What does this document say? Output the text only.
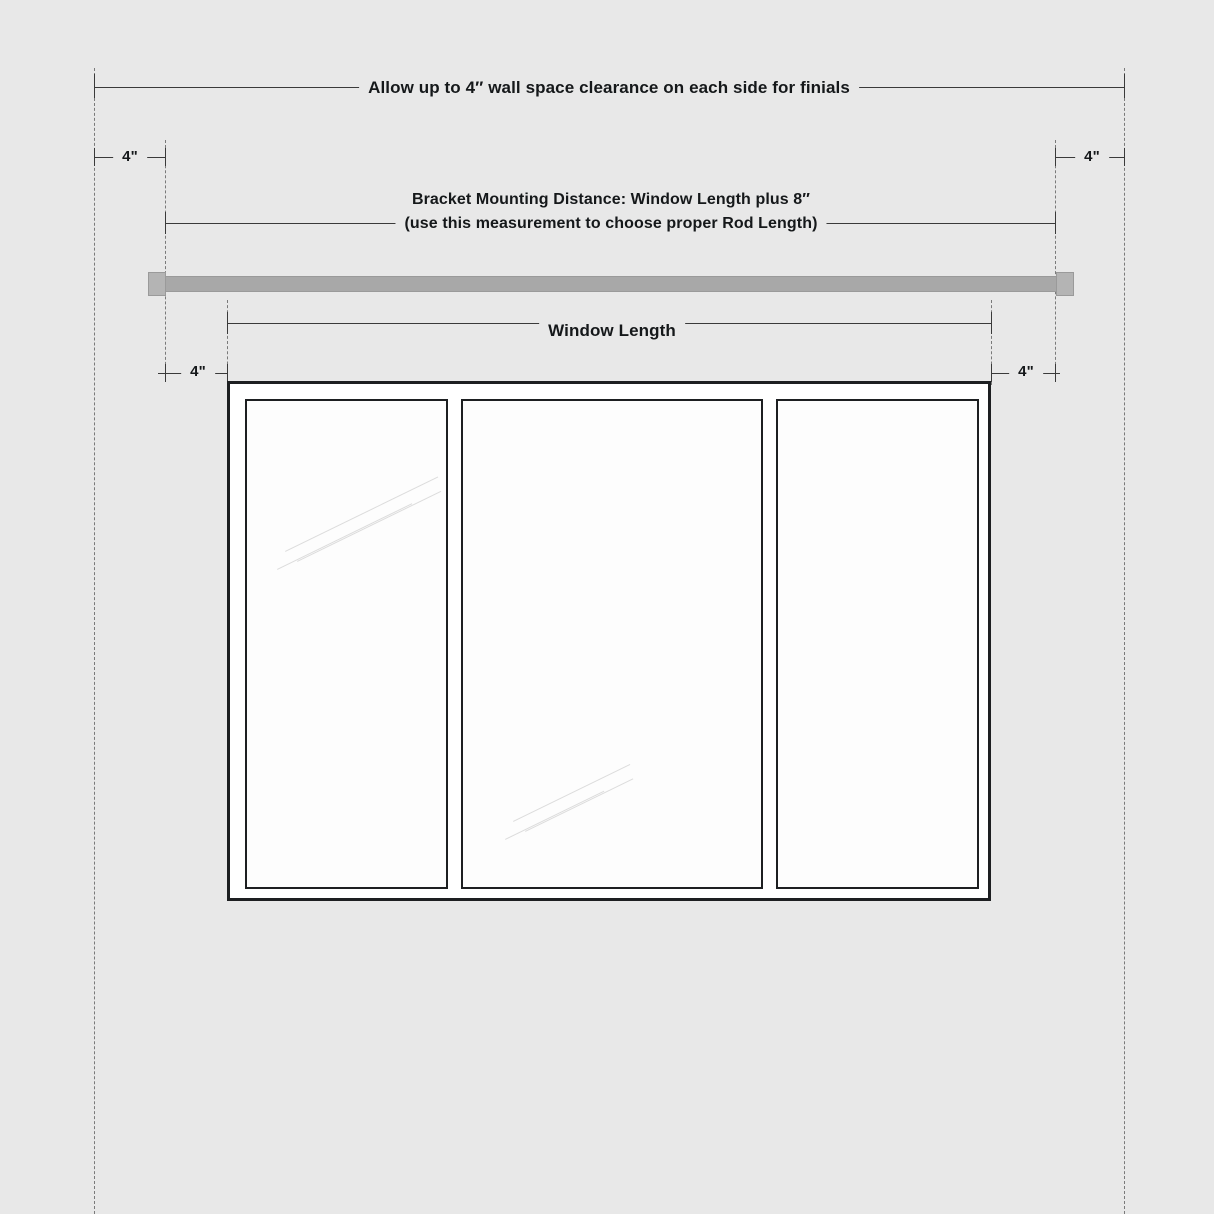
Allow up to 4″ wall space clearance on each side for finials
4"	4"
Bracket Mounting Distance: Window Length plus 8″
(use this measurement to choose proper Rod Length)
Window Length
4"	4"
